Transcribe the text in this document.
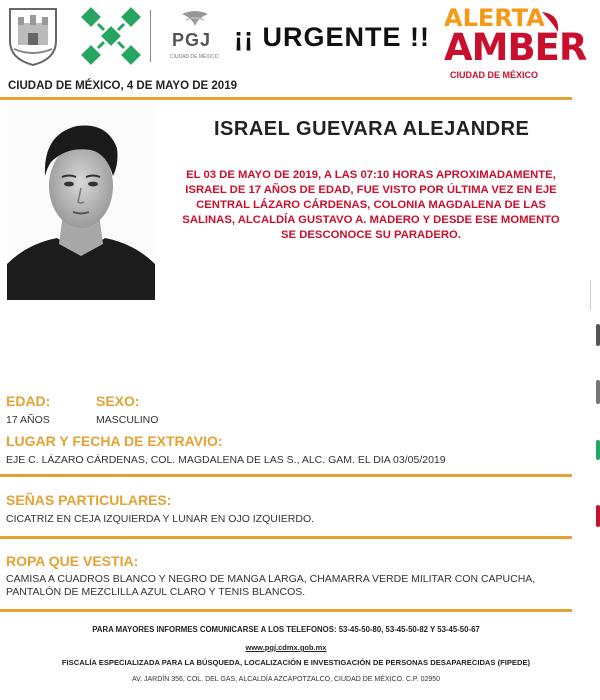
PGJ
CIUDAD DE MÉXICO
¡¡ URGENTE !!
ALERTA
AMBER
CIUDAD DE MÉXICO
CIUDAD DE MÉXICO, 4 DE MAYO DE 2019
ISRAEL GUEVARA ALEJANDRE
EL 03 DE MAYO DE 2019, A LAS 07:10 HORAS APROXIMADAMENTE, ISRAEL DE 17 AÑOS DE EDAD, FUE VISTO POR ÚLTIMA VEZ EN EJE CENTRAL LÁZARO CÁRDENAS, COLONIA MAGDALENA DE LAS SALINAS, ALCALDÍA GUSTAVO A. MADERO Y DESDE ESE MOMENTO SE DESCONOCE SU PARADERO.
EDAD:
17 AÑOS
SEXO:
MASCULINO
LUGAR Y FECHA DE EXTRAVIO:
EJE C. LÁZARO CÁRDENAS, COL. MAGDALENA DE LAS S., ALC. GAM. EL DIA 03/05/2019
SEÑAS PARTICULARES:
CICATRIZ EN CEJA IZQUIERDA Y LUNAR EN OJO IZQUIERDO.
ROPA QUE VESTIA:
CAMISA A CUADROS BLANCO Y NEGRO DE MANGA LARGA, CHAMARRA VERDE MILITAR CON CAPUCHA, PANTALÓN DE MEZCLILLA AZUL CLARO Y TENIS BLANCOS.
PARA MAYORES INFORMES COMUNICARSE A LOS TELEFONOS: 53-45-50-80, 53-45-50-82 Y 53-45-50-67
www.pgj.cdmx.gob.mx
FISCALÍA ESPECIALIZADA PARA LA BÚSQUEDA, LOCALIZACIÓN E INVESTIGACIÓN DE PERSONAS DESAPARECIDAS (FIPEDE)
AV. JARDÍN 356, COL. DEL GAS, ALCALDÍA AZCAPOTZALCO, CIUDAD DE MÉXICO. C.P. 02950
